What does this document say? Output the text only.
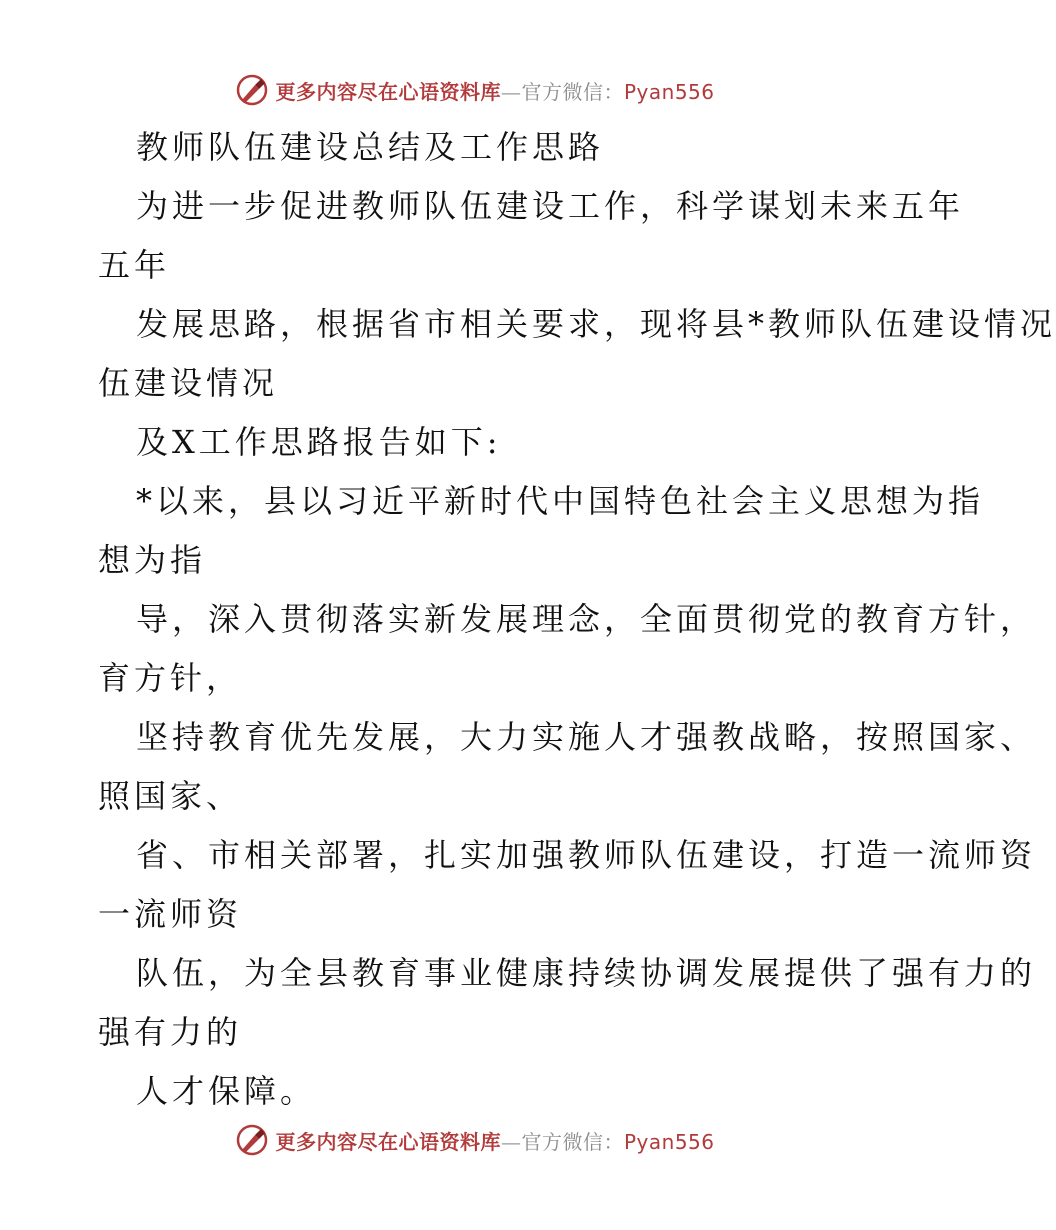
更多内容尽在心语资料库—官方微信：Pyan556
教师队伍建设总结及工作思路
为进一步促进教师队伍建设工作，科学谋划未来五年
五年
发展思路，根据省市相关要求，现将县*教师队伍建设情况
伍建设情况
及X工作思路报告如下:
*以来，县以习近平新时代中国特色社会主义思想为指
想为指
导，深入贯彻落实新发展理念，全面贯彻党的教育方针，
育方针，
坚持教育优先发展，大力实施人才强教战略，按照国家、
照国家、
省、市相关部署，扎实加强教师队伍建设，打造一流师资
一流师资
队伍，为全县教育事业健康持续协调发展提供了强有力的
强有力的
人才保障。
更多内容尽在心语资料库—官方微信：Pyan556
